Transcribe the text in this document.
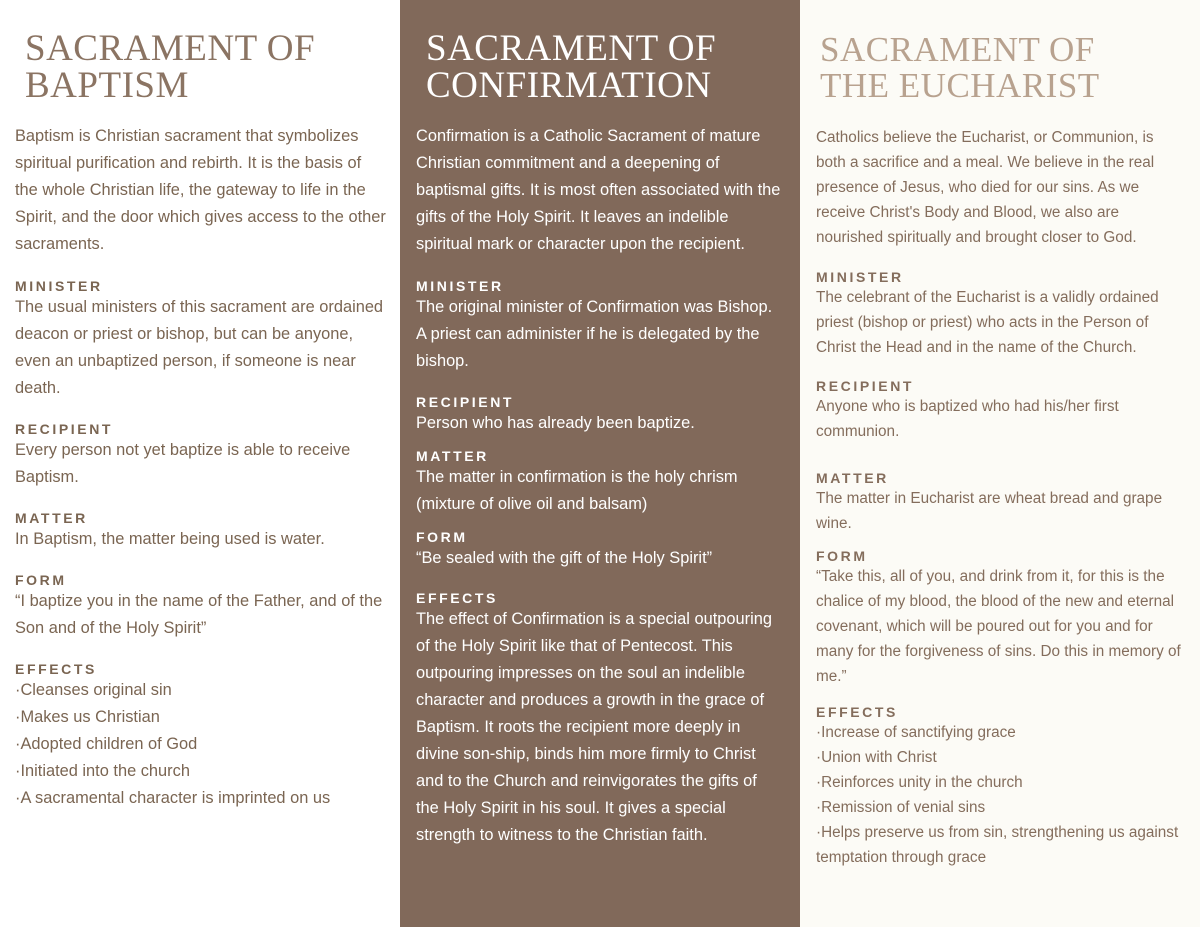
SACRAMENT OF
BAPTISM

Baptism is Christian sacrament that symbolizes spiritual purification and rebirth. It is the basis of the whole Christian life, the gateway to life in the Spirit, and the door which gives access to the other sacraments.

MINISTER

The usual ministers of this sacrament are ordained deacon or priest or bishop, but can be anyone, even an unbaptized person, if someone is near death.

RECIPIENT

Every person not yet baptize is able to receive Baptism.

MATTER

In Baptism, the matter being used is water.

FORM

“I baptize you in the name of the Father, and of the Son and of the Holy Spirit”

EFFECTS

·Cleanses original sin

·Makes us Christian

·Adopted children of God

·Initiated into the church

·A sacramental character is imprinted on us

SACRAMENT OF
CONFIRMATION

Confirmation is a Catholic Sacrament of mature Christian commitment and a deepening of baptismal gifts. It is most often associated with the gifts of the Holy Spirit. It leaves an indelible spiritual mark or character upon the recipient.

MINISTER

The original minister of Confirmation was Bishop. A priest can administer if he is delegated by the bishop.

RECIPIENT

Person who has already been baptize.

MATTER

The matter in confirmation is the holy chrism (mixture of olive oil and balsam)

FORM

“Be sealed with the gift of the Holy Spirit”

EFFECTS

The effect of Confirmation is a special outpouring of the Holy Spirit like that of Pentecost. This outpouring impresses on the soul an indelible character and produces a growth in the grace of Baptism. It roots the recipient more deeply in divine son-ship, binds him more firmly to Christ and to the Church and reinvigorates the gifts of the Holy Spirit in his soul. It gives a special strength to witness to the Christian faith.

SACRAMENT OF
THE EUCHARIST

Catholics believe the Eucharist, or Communion, is both a sacrifice and a meal. We believe in the real presence of Jesus, who died for our sins. As we receive Christ's Body and Blood, we also are nourished spiritually and brought closer to God.

MINISTER

The celebrant of the Eucharist is a validly ordained priest (bishop or priest) who acts in the Person of Christ the Head and in the name of the Church.

RECIPIENT

Anyone who is baptized who had his/her first communion.

MATTER

The matter in Eucharist are wheat bread and grape wine.

FORM

“Take this, all of you, and drink from it, for this is the chalice of my blood, the blood of the new and eternal covenant, which will be poured out for you and for many for the forgiveness of sins. Do this in memory of me.”

EFFECTS

·Increase of sanctifying grace

·Union with Christ

·Reinforces unity in the church

·Remission of venial sins

·Helps preserve us from sin, strengthening us against temptation through grace
